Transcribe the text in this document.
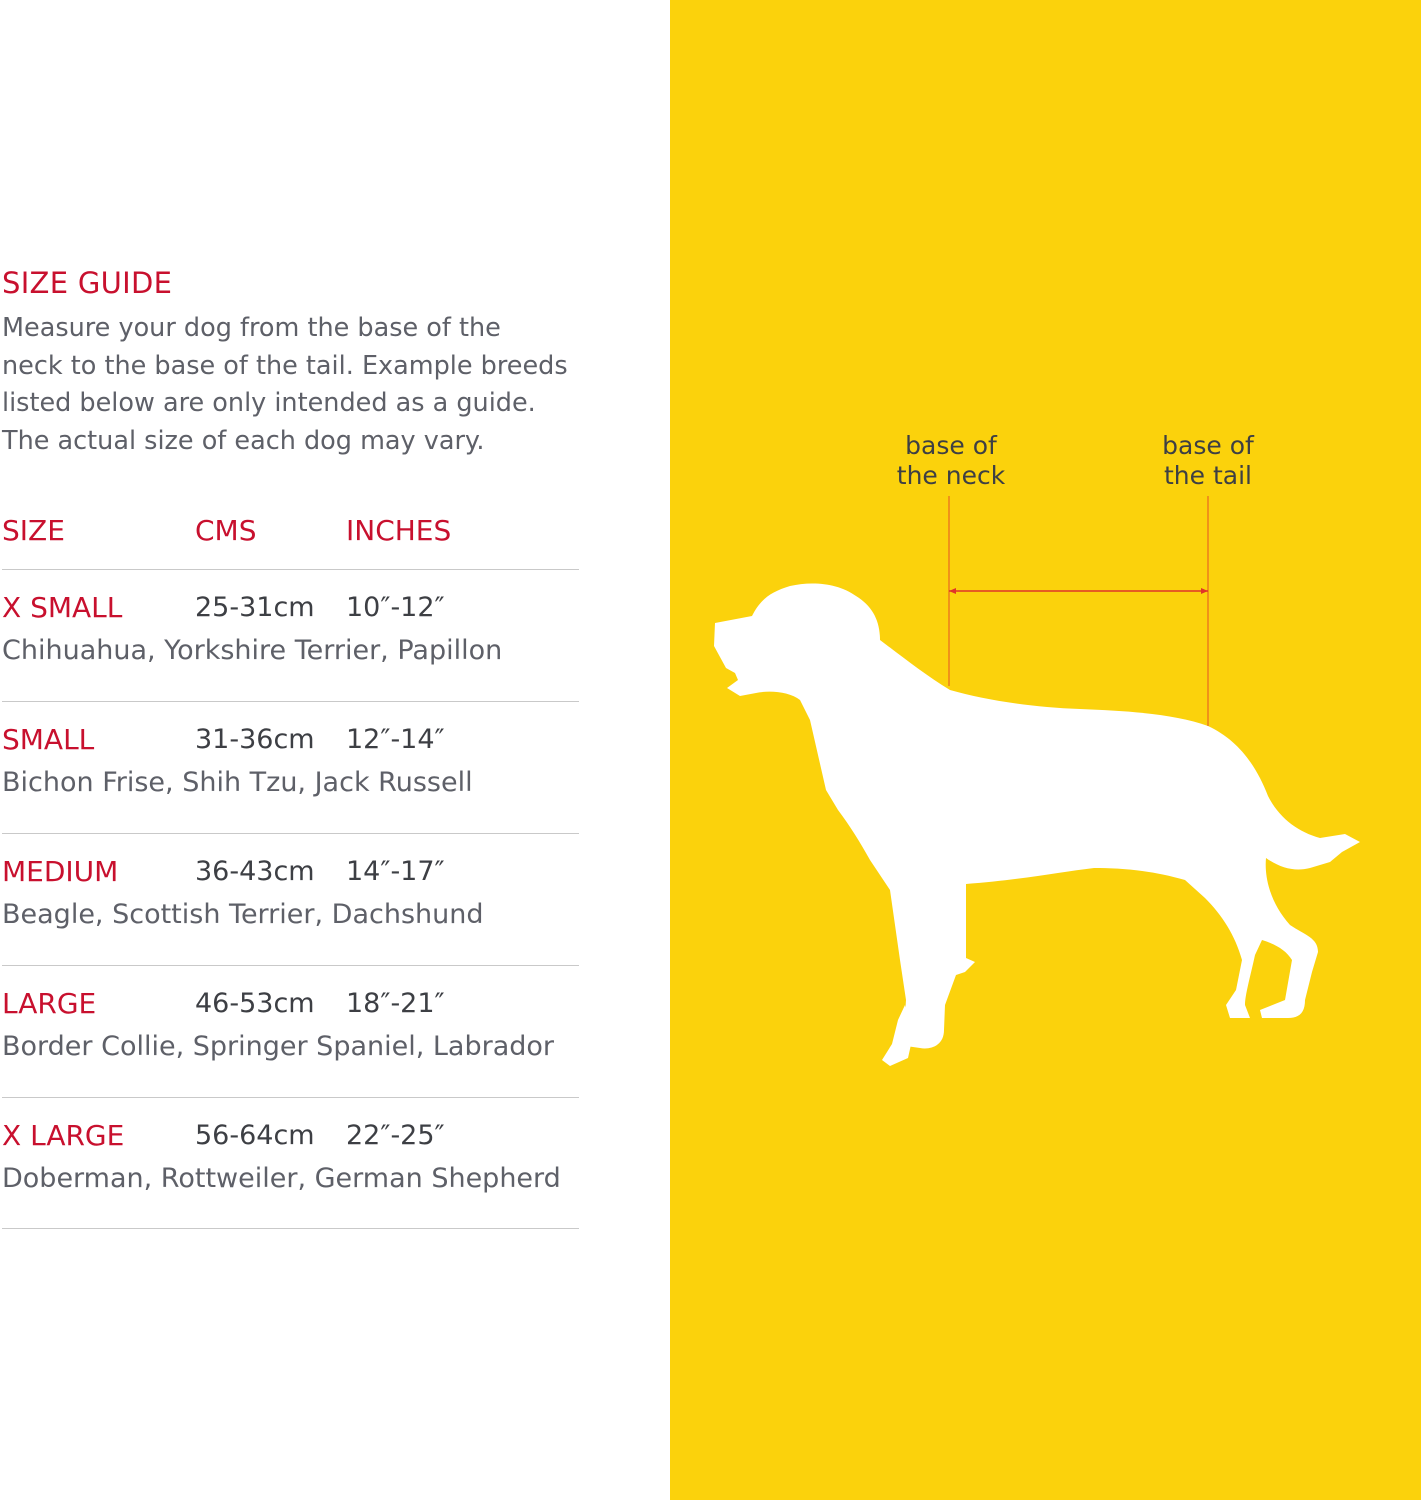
SIZE GUIDE
Measure your dog from the base of the
neck to the base of the tail. Example breeds
listed below are only intended as a guide.
The actual size of each dog may vary.
SIZE	CMS	INCHES
X SMALL	25-31cm 10″-12″
Chihuahua, Yorkshire Terrier, Papillon
SMALL	31-36cm 12″-14″
Bichon Frise, Shih Tzu, Jack Russell
MEDIUM	36-43cm 14″-17″
Beagle, Scottish Terrier, Dachshund
LARGE	46-53cm 18″-21″
Border Collie, Springer Spaniel, Labrador
X LARGE	56-64cm 22″-25″
Doberman, Rottweiler, German Shepherd
base of
the neck
base of
the tail
